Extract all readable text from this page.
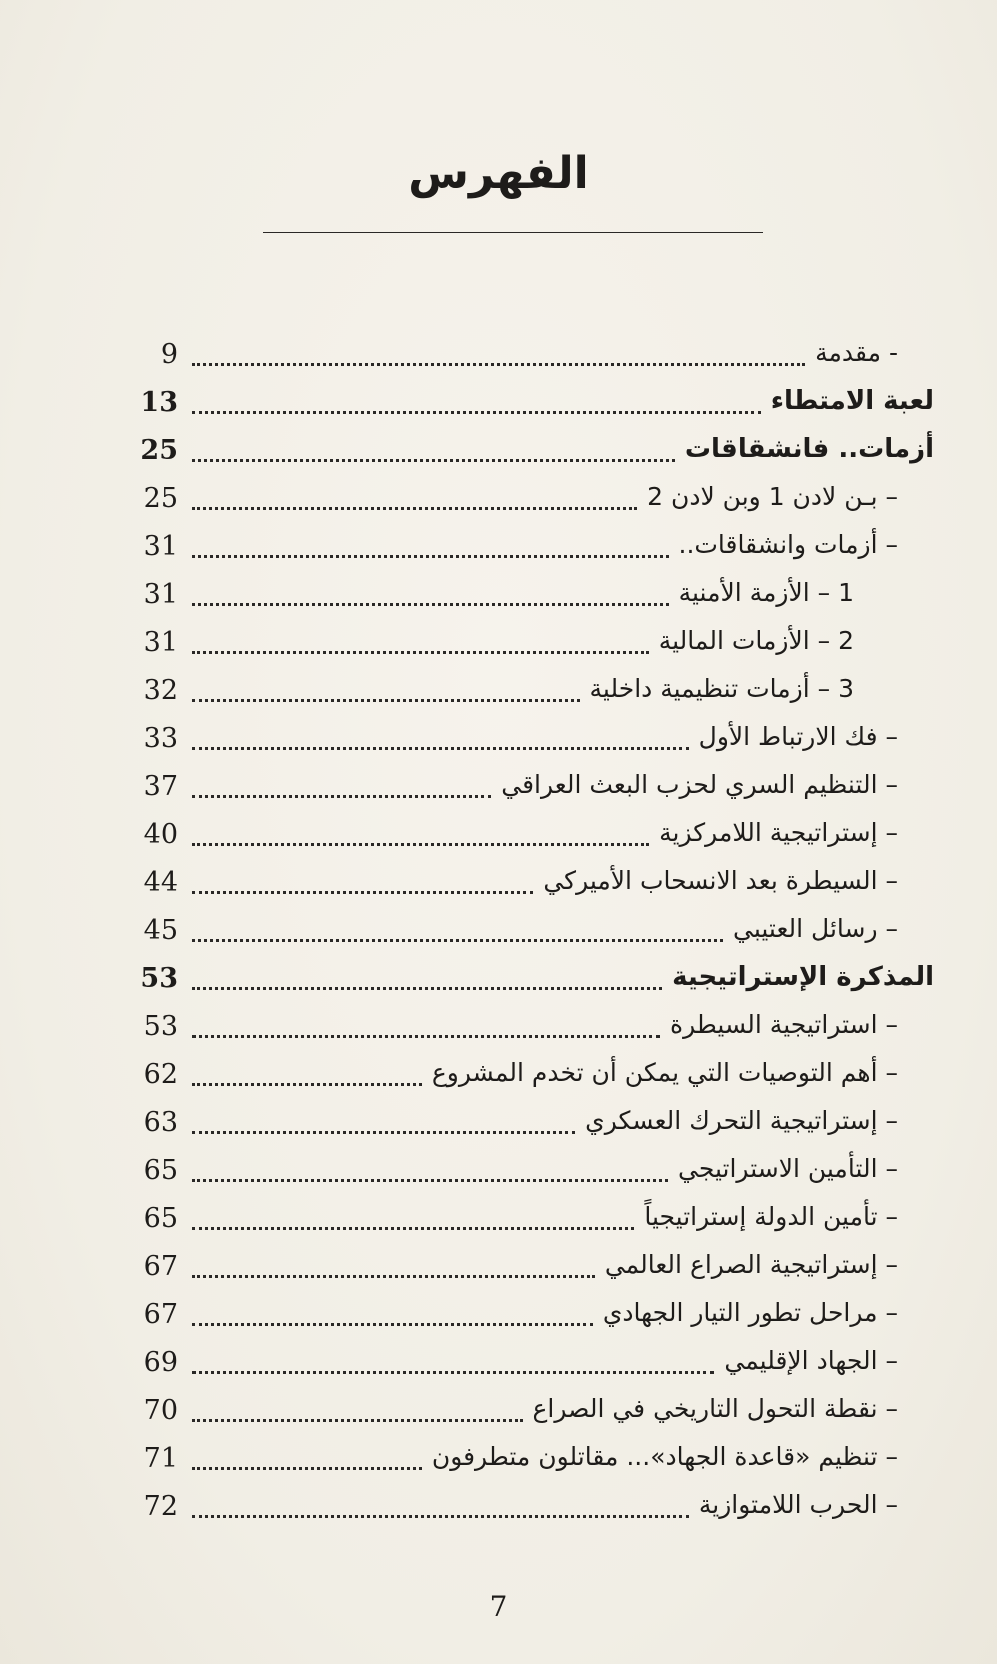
الفهرس
9	- مقدمة
13	لعبة الامتطاء
25	أزمات.. فانشقاقات
25	– بـن لادن 1 وبن لادن 2
31	– أزمات وانشقاقات..
31	1 – الأزمة الأمنية
31	2 – الأزمات المالية
32	3 – أزمات تنظيمية داخلية
33	– فك الارتباط الأول
37	– التنظيم السري لحزب البعث العراقي
40	– إستراتيجية اللامركزية
44	– السيطرة بعد الانسحاب الأميركي
45	– رسائل العتيبي
53	المذكرة الإستراتيجية
53	– استراتيجية السيطرة
62	– أهم التوصيات التي يمكن أن تخدم المشروع
63	– إستراتيجية التحرك العسكري
65	– التأمين الاستراتيجي
65	– تأمين الدولة إستراتيجياً
67	– إستراتيجية الصراع العالمي
67	– مراحل تطور التيار الجهادي
69	– الجهاد الإقليمي
70	– نقطة التحول التاريخي في الصراع
71	– تنظيم «قاعدة الجهاد»... مقاتلون متطرفون
72	– الحرب اللامتوازية
7
